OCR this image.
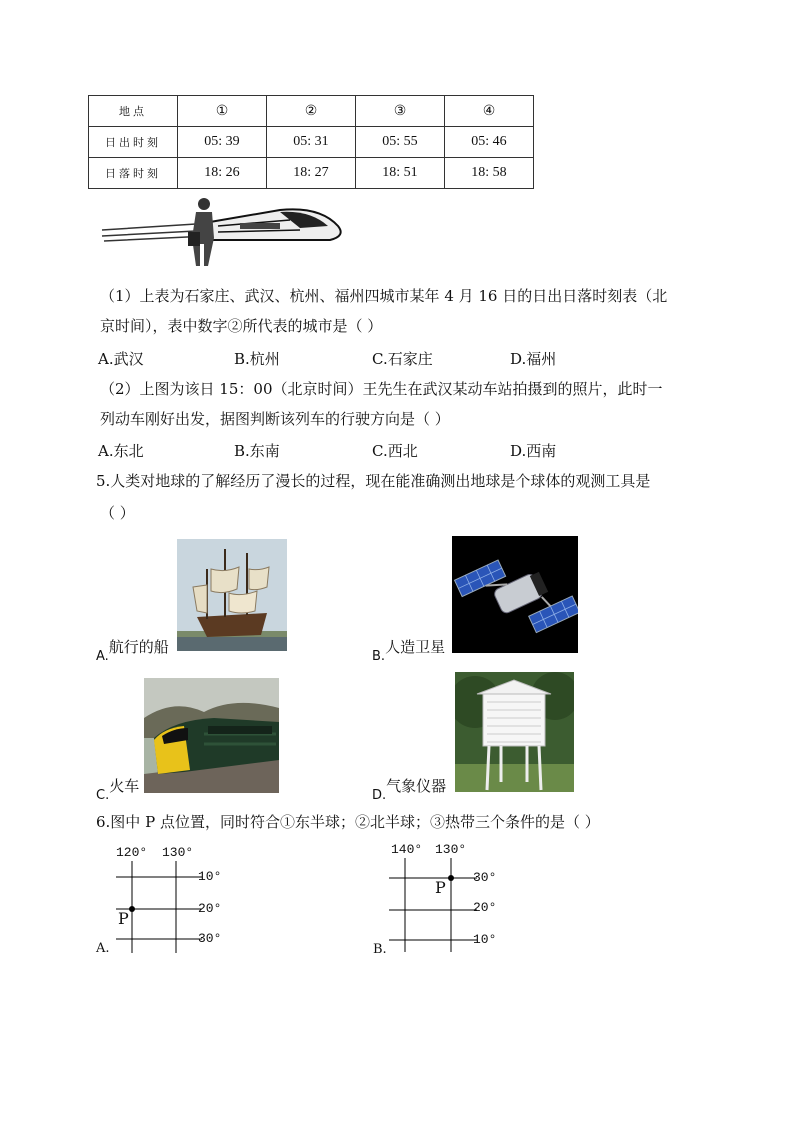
地点	①	②	③	④
日出时刻	05: 39	05: 31	05: 55	05: 46
日落时刻	18: 26	18: 27	18: 51	18: 58
（1）上表为石家庄、武汉、杭州、福州四城市某年 4 月 16 日的日出日落时刻表（北
京时间），表中数字②所代表的城市是（ ）
A.武汉	B.杭州	C.石家庄	D.福州
（2）上图为该日 15：00（北京时间）王先生在武汉某动车站拍摄到的照片，此时一
列动车刚好出发，据图判断该列车的行驶方向是（ ）
A.东北	B.东南	C.西北	D.西南
5.人类对地球的了解经历了漫长的过程，现在能准确测出地球是个球体的观测工具是
（ ）
A.航行的船
B.人造卫星
C.火车
D.气象仪器
6.图中 P 点位置，同时符合①东半球；②北半球；③热带三个条件的是（ ）
120° 130°
10°
20°
30°
P
A.
140° 130°
30°
20°
10°
P
B.
